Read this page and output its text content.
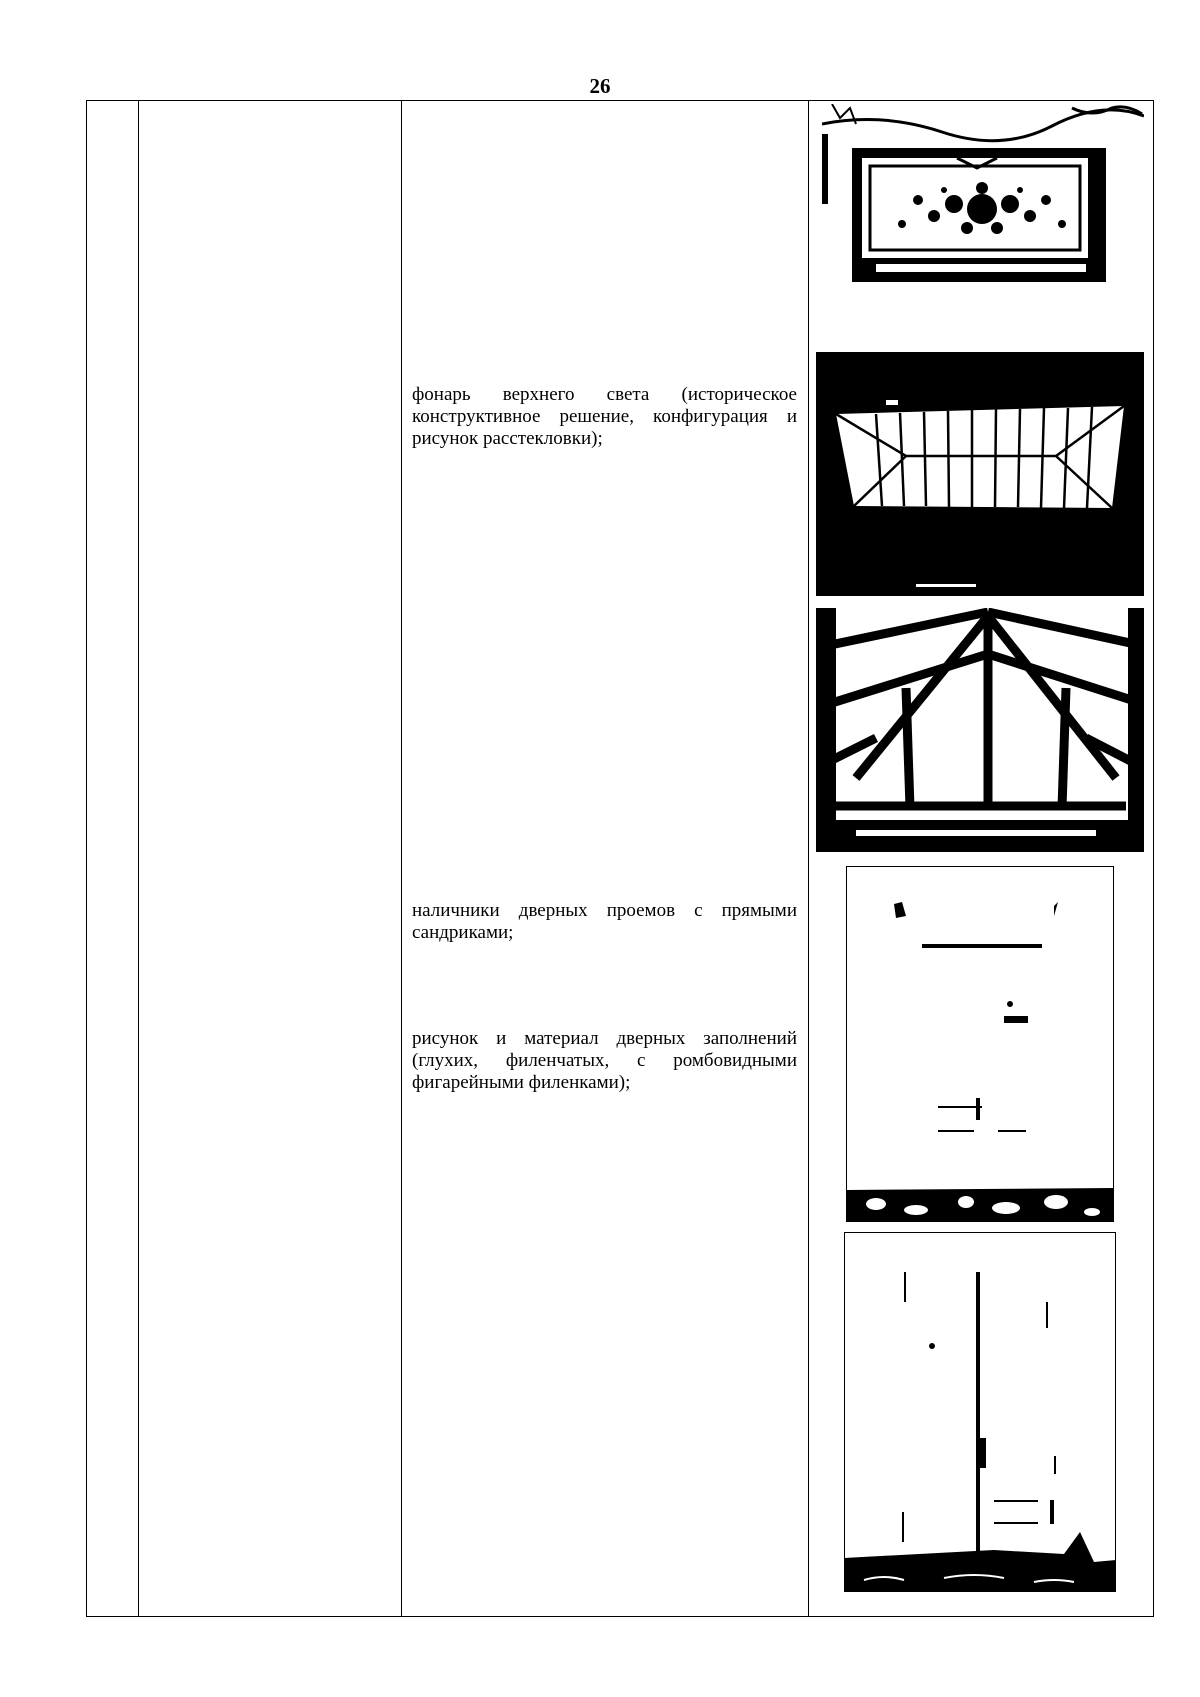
26
фонарь верхнего света (историческое конструктивное решение, конфигурация и рисунок расстекловки);
наличники дверных проемов с прямыми сандриками;
рисунок и материал дверных заполнений (глухих, филенчатых, с ромбовидными фигарейными филенками);
